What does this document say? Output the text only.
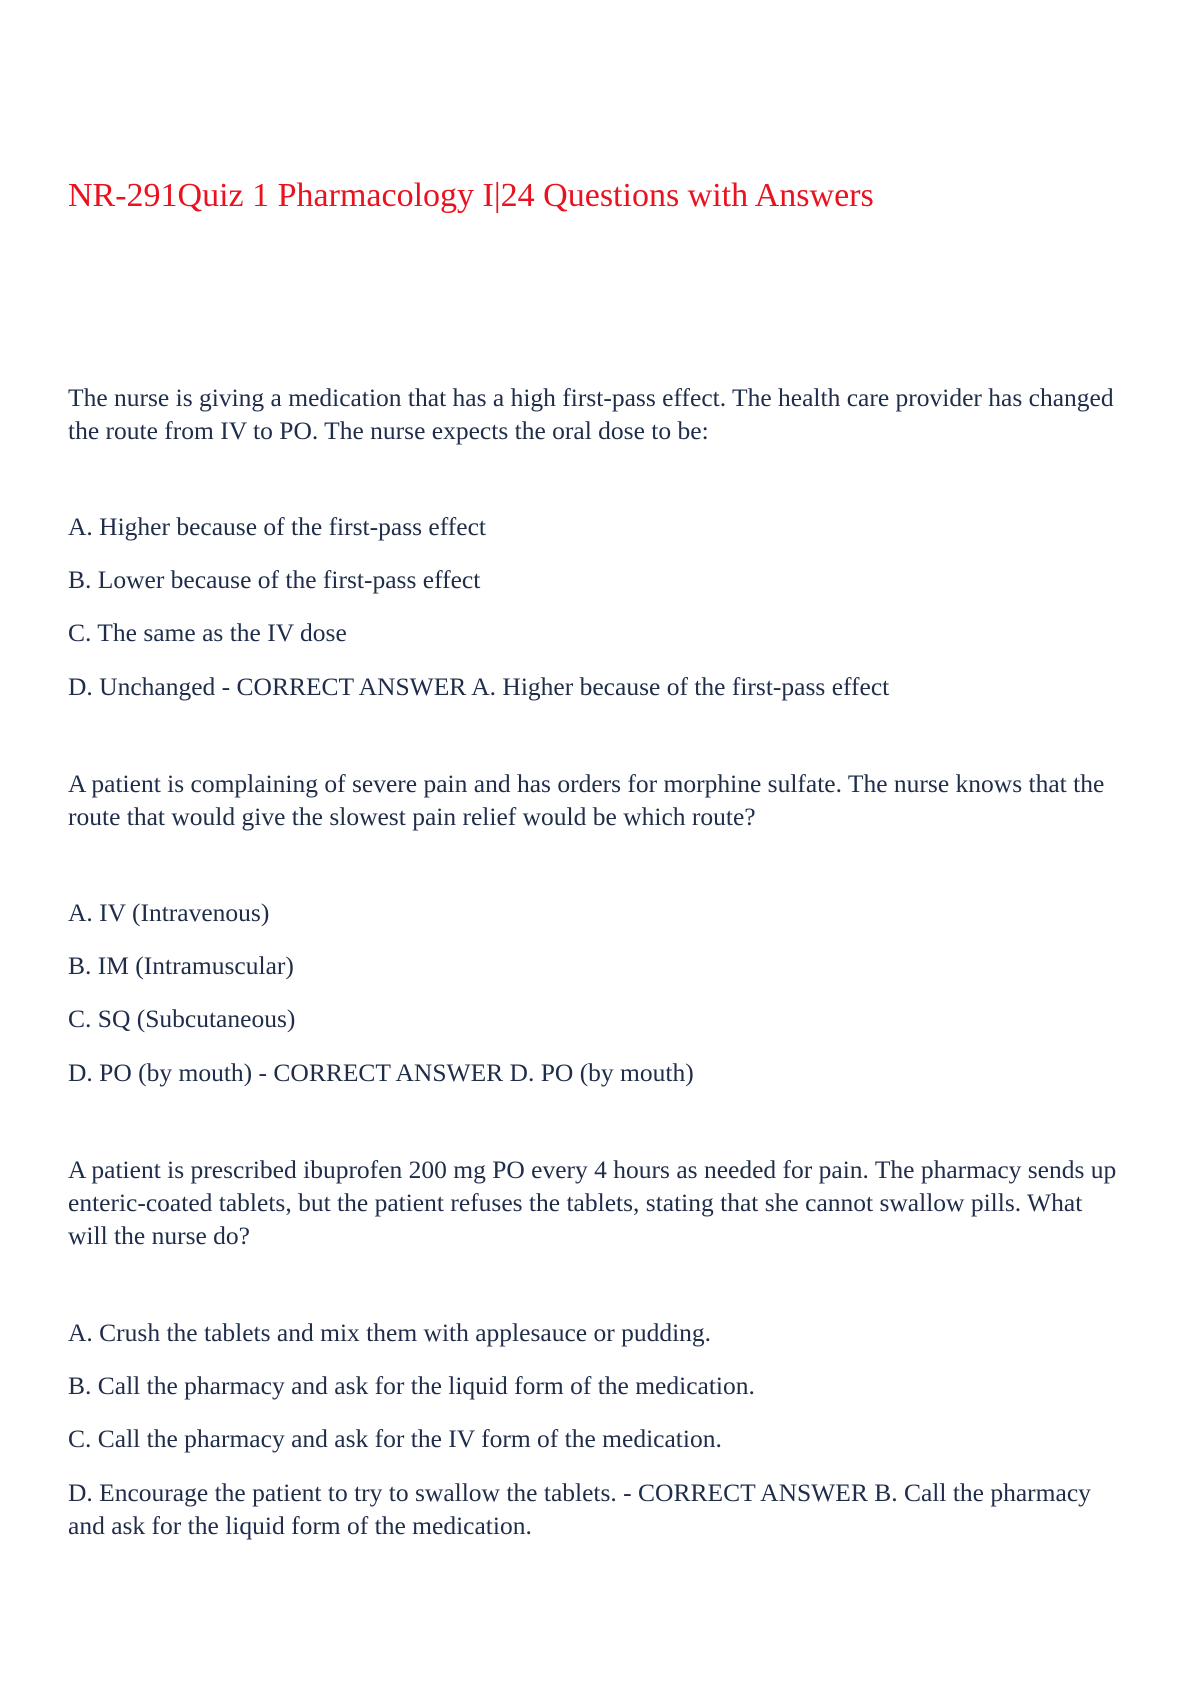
NR-291Quiz 1 Pharmacology I|24 Questions with Answers

The nurse is giving a medication that has a high first-pass effect. The health care provider has changed the route from IV to PO. The nurse expects the oral dose to be:

A. Higher because of the first-pass effect

B. Lower because of the first-pass effect

C. The same as the IV dose

D. Unchanged - CORRECT ANSWER A. Higher because of the first-pass effect

A patient is complaining of severe pain and has orders for morphine sulfate. The nurse knows that the route that would give the slowest pain relief would be which route?

A. IV (Intravenous)

B. IM (Intramuscular)

C. SQ (Subcutaneous)

D. PO (by mouth) - CORRECT ANSWER D. PO (by mouth)

A patient is prescribed ibuprofen 200 mg PO every 4 hours as needed for pain. The pharmacy sends up enteric-coated tablets, but the patient refuses the tablets, stating that she cannot swallow pills. What will the nurse do?

A. Crush the tablets and mix them with applesauce or pudding.

B. Call the pharmacy and ask for the liquid form of the medication.

C. Call the pharmacy and ask for the IV form of the medication.

D. Encourage the patient to try to swallow the tablets. - CORRECT ANSWER B. Call the pharmacy and ask for the liquid form of the medication.
